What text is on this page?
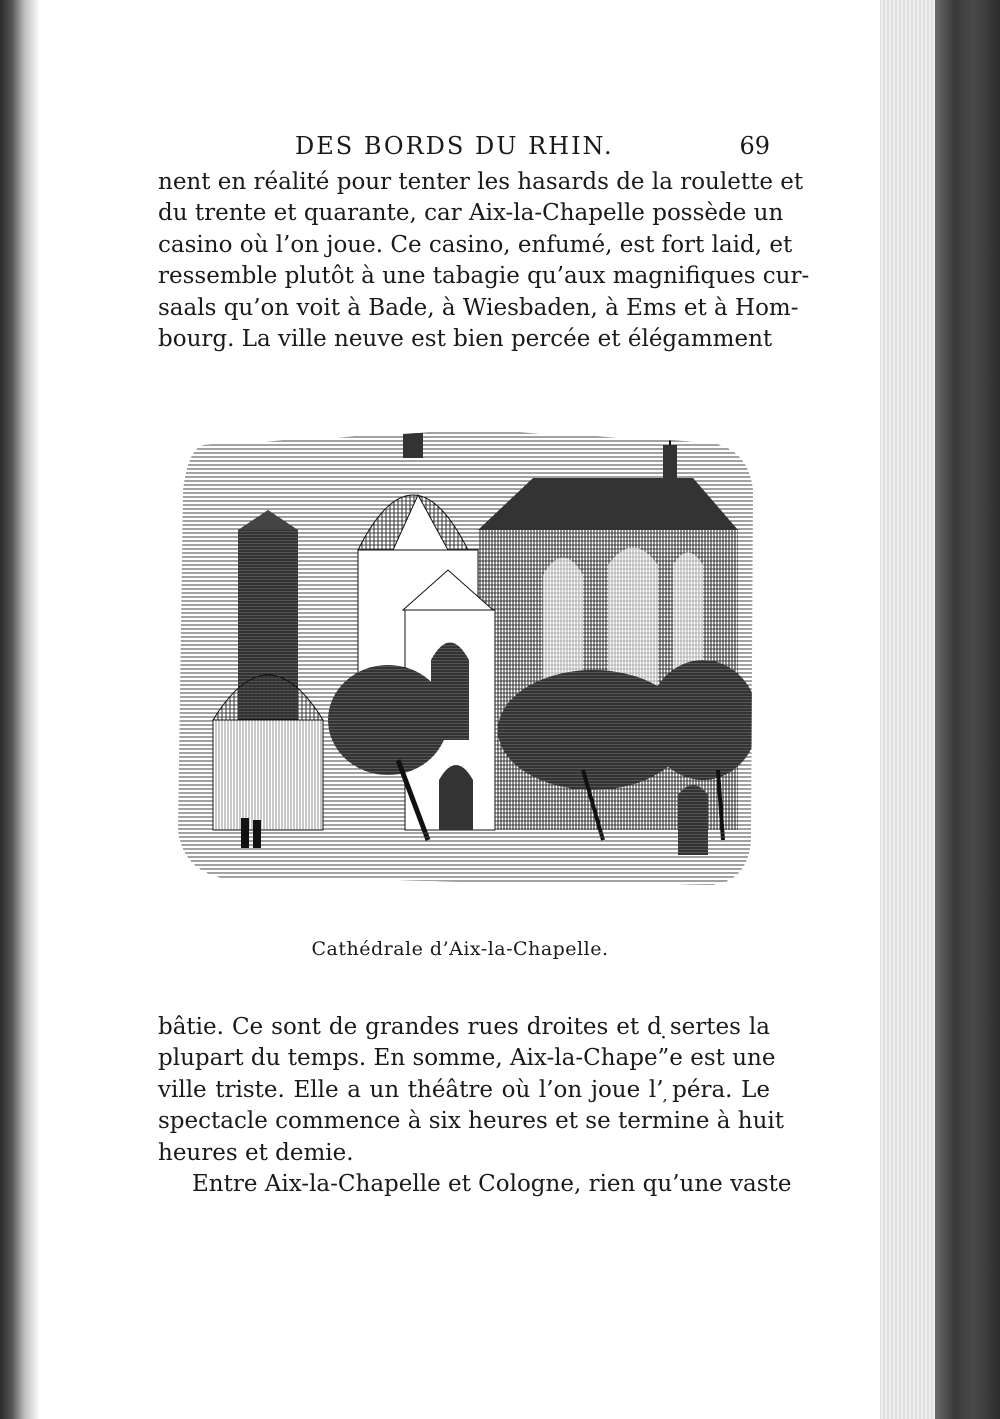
DES BORDS DU RHIN.	69
nent en réalité pour tenter les hasards de la roulette et
du trente et quarante, car Aix-la-Chapelle possède un
casino où l’on joue. Ce casino, enfumé, est fort laid, et
ressemble plutôt à une tabagie qu’aux magnifiques cur-
saals qu’on voit à Bade, à Wiesbaden, à Ems et à Hom-
bourg. La ville neuve est bien percée et élégamment
Cathédrale d’Aix-la-Chapelle.
bâtie. Ce sont de grandes rues droites et d ̣sertes la
plupart du temps. En somme, Aix-la-Chape”e est une
ville triste. Elle a un théâtre où l’on joue l’ ̦péra. Le
spectacle commence à six heures et se termine à huit
heures et demie.
Entre Aix-la-Chapelle et Cologne, rien qu’une vaste
